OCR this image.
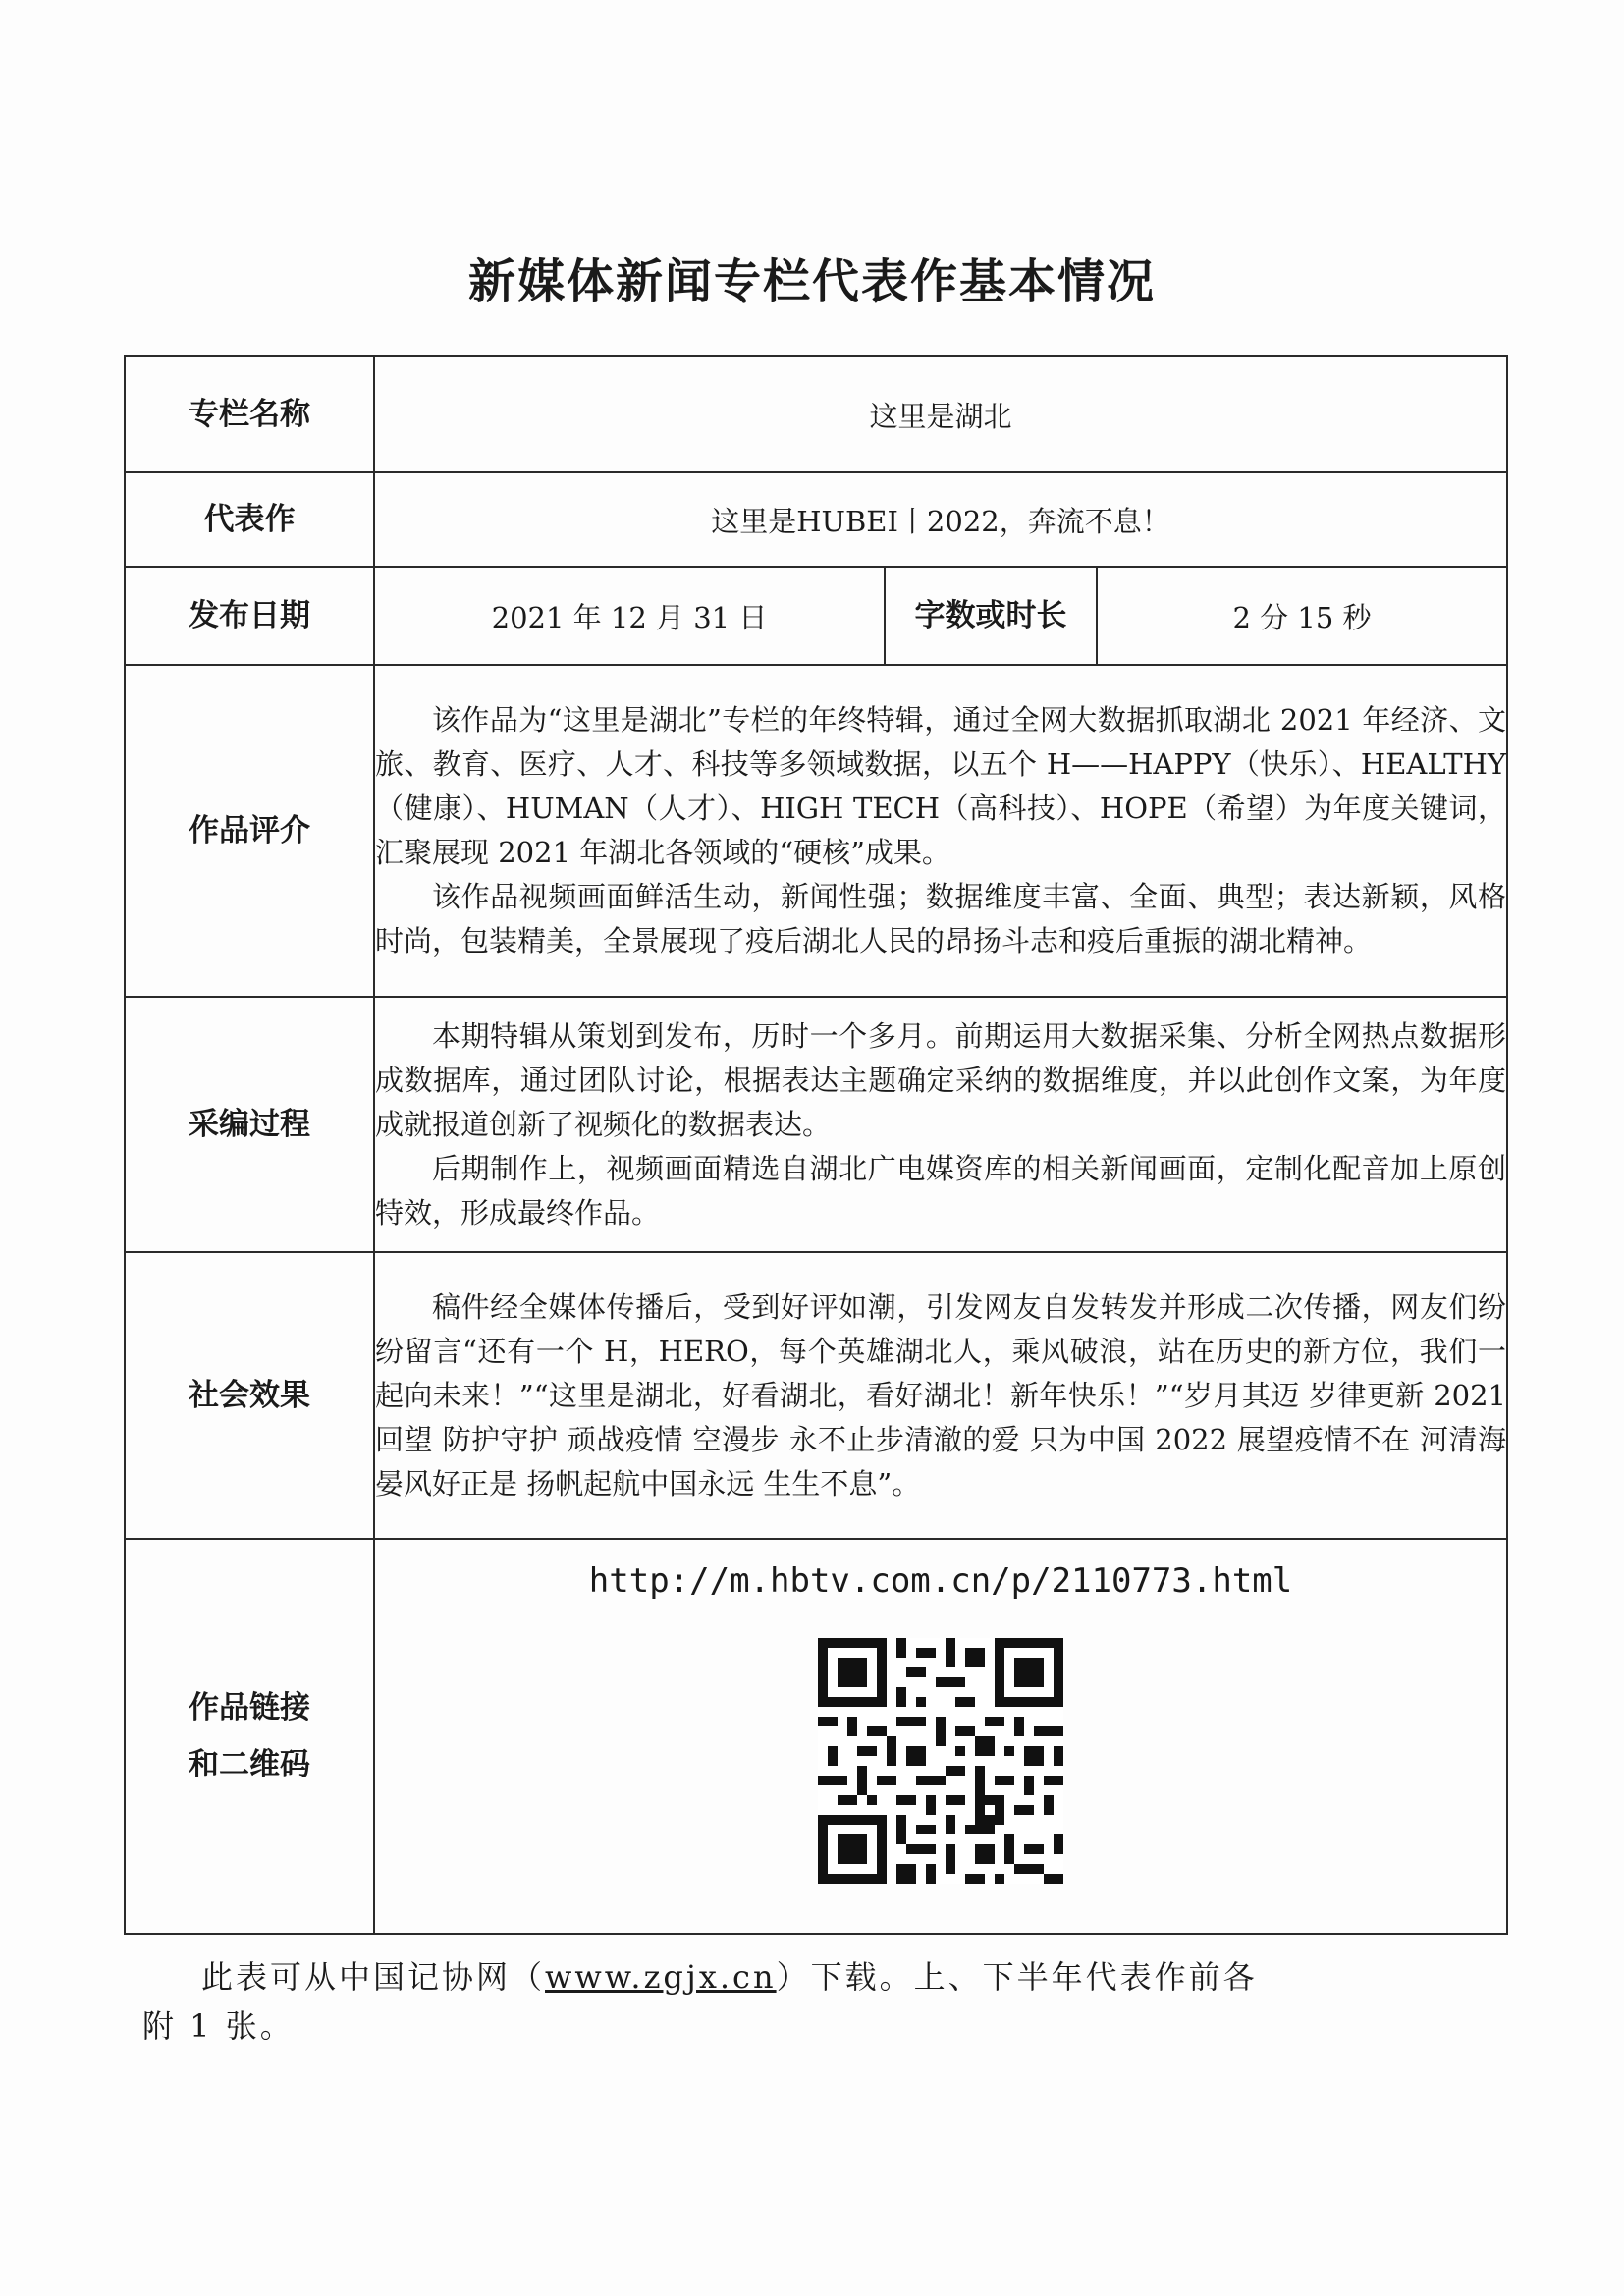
新媒体新闻专栏代表作基本情况
专栏名称	这里是湖北		
代表作	这里是HUBEI丨2022，奔流不息！		
发布日期	2021 年 12 月 31 日	字数或时长	2 分 15 秒
作品评介	该作品为“这里是湖北”专栏的年终特辑，通过全网大数据抓取湖北 2021 年经济、文旅、教育、医疗、人才、科技等多领域数据，以五个 H——HAPPY（快乐）、HEALTHY（健康）、HUMAN（人才）、HIGH TECH（高科技）、HOPE（希望）为年度关键词，汇聚展现 2021 年湖北各领域的“硬核”成果。

该作品视频画面鲜活生动，新闻性强；数据维度丰富、全面、典型；表达新颖，风格时尚，包装精美，全景展现了疫后湖北人民的昂扬斗志和疫后重振的湖北精神。		

采编过程	本期特辑从策划到发布，历时一个多月。前期运用大数据采集、分析全网热点数据形成数据库，通过团队讨论，根据表达主题确定采纳的数据维度，并以此创作文案，为年度成就报道创新了视频化的数据表达。

后期制作上，视频画面精选自湖北广电媒资库的相关新闻画面，定制化配音加上原创特效，形成最终作品。		

社会效果	稿件经全媒体传播后，受到好评如潮，引发网友自发转发并形成二次传播，网友们纷纷留言“还有一个 H，HERO，每个英雄湖北人，乘风破浪，站在历史的新方位，我们一起向未来！”“这里是湖北，好看湖北，看好湖北！新年快乐！”“岁月其迈 岁律更新 2021 回望 防护守护 顽战疫情 空漫步 永不止步清澈的爱 只为中国 2022 展望疫情不在 河清海晏风好正是 扬帆起航中国永远 生生不息”。		

作品链接
和二维码	http://m.hbtv.com.cn/p/2110773.html		
此表可从中国记协网（www.zgjx.cn）下载。上、下半年代表作前各
附 1 张。
